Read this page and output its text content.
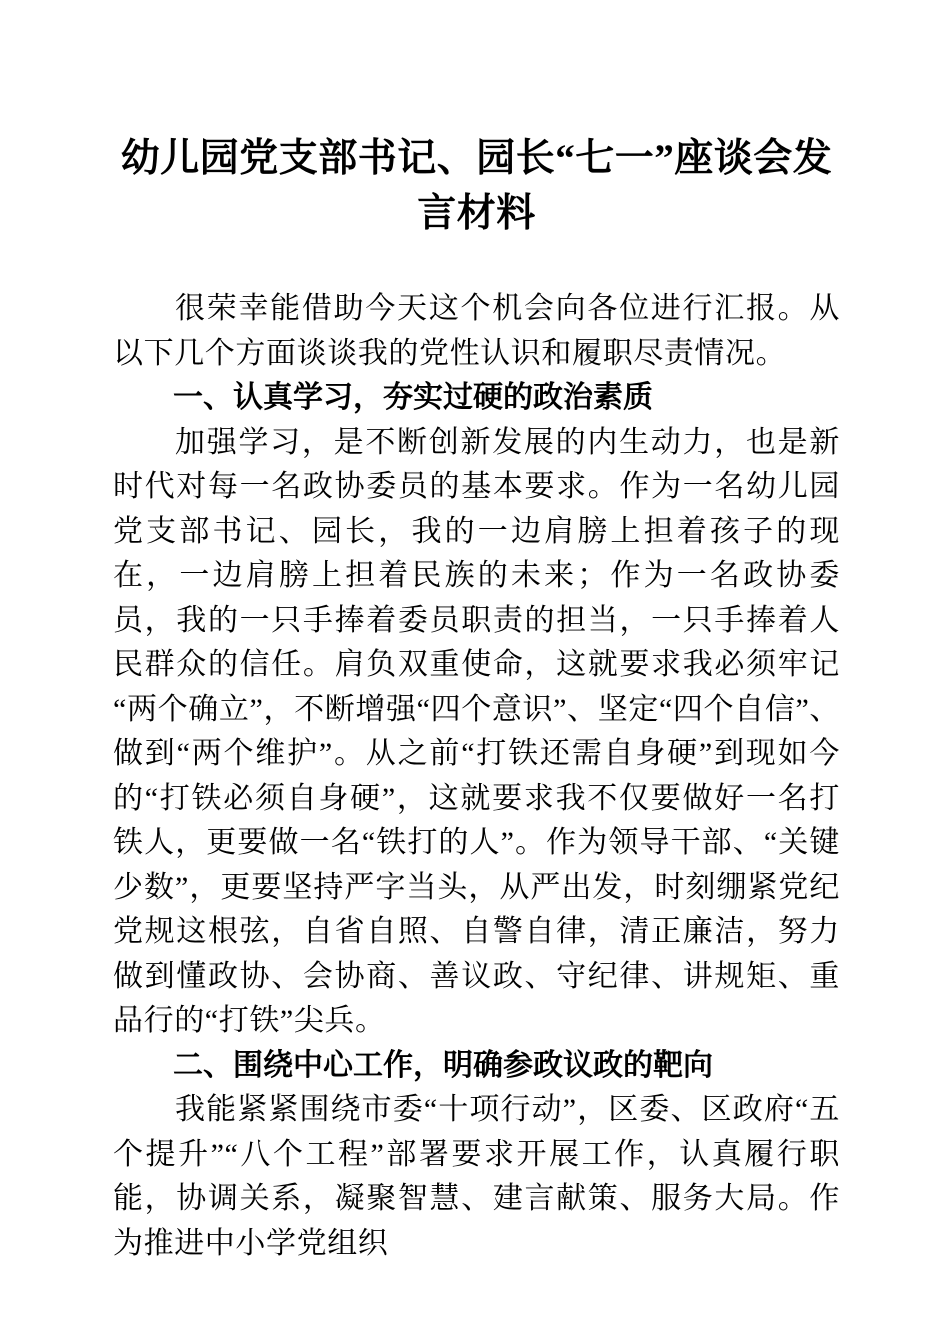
幼儿园党支部书记、园长“七一”座谈会发言材料

很荣幸能借助今天这个机会向各位进行汇报。从以下几个方面谈谈我的党性认识和履职尽责情况。

一、认真学习，夯实过硬的政治素质

加强学习，是不断创新发展的内生动力，也是新时代对每一名政协委员的基本要求。作为一名幼儿园党支部书记、园长，我的一边肩膀上担着孩子的现在，一边肩膀上担着民族的未来；作为一名政协委员，我的一只手捧着委员职责的担当，一只手捧着人民群众的信任。肩负双重使命，这就要求我必须牢记“两个确立”，不断增强“四个意识”、坚定“四个自信”、做到“两个维护”。从之前“打铁还需自身硬”到现如今的“打铁必须自身硬”，这就要求我不仅要做好一名打铁人，更要做一名“铁打的人”。作为领导干部、“关键少数”，更要坚持严字当头，从严出发，时刻绷紧党纪党规这根弦，自省自照、自警自律，清正廉洁，努力做到懂政协、会协商、善议政、守纪律、讲规矩、重品行的“打铁”尖兵。

二、围绕中心工作，明确参政议政的靶向

我能紧紧围绕市委“十项行动”，区委、区政府“五个提升”“八个工程”部署要求开展工作，认真履行职能，协调关系，凝聚智慧、建言献策、服务大局。作为推进中小学党组织
